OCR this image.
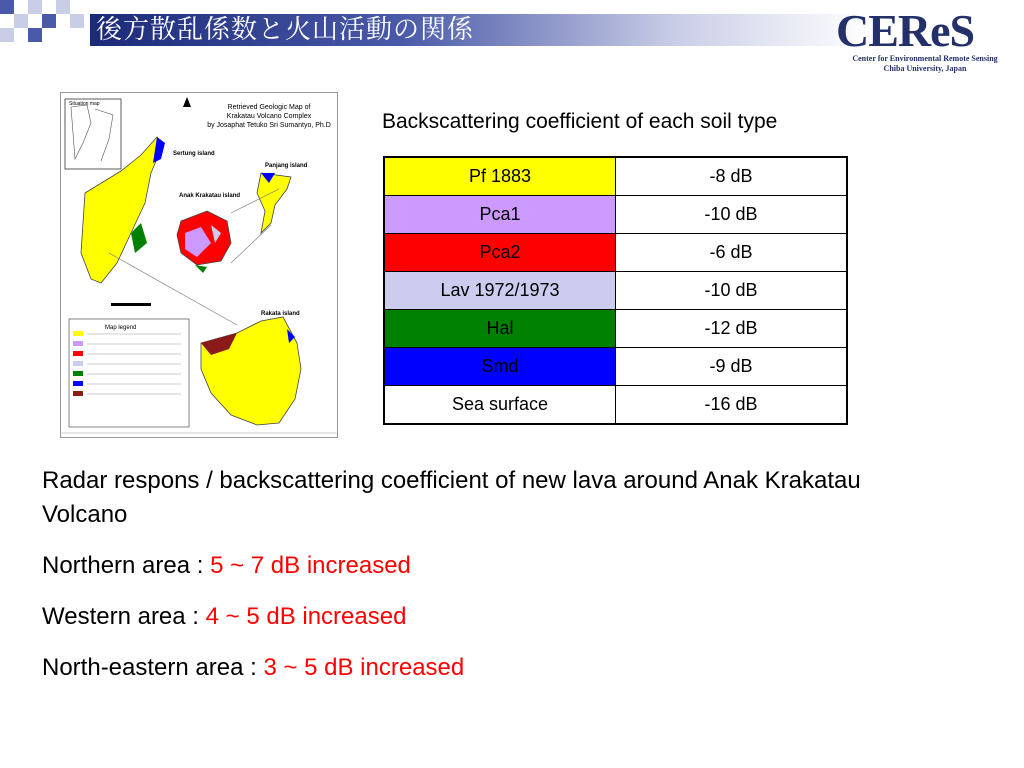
後方散乱係数と火山活動の関係	CEReS
Center for Environmental Remote Sensing
Chiba University, Japan
Situation map	Retrieved Geologic Map of
Krakatau Volcano Complex
by Josaphat Tetuko Sri Sumantyo, Ph.D
Sertung island
Panjang island
Anak Krakatau island
Rakata island
Map legend
Backscattering coefficient of each soil type
Pf 1883	-8 dB
Pca1	-10 dB
Pca2	-6 dB
Lav 1972/1973	-10 dB
Hal	-12 dB
Smd	-9 dB
Sea surface	-16 dB
Radar respons / backscattering coefficient of new lava around Anak Krakatau Volcano
Northern area : 5 ~ 7 dB increased
Western area : 4 ~ 5 dB increased
North-eastern area : 3 ~ 5 dB increased
